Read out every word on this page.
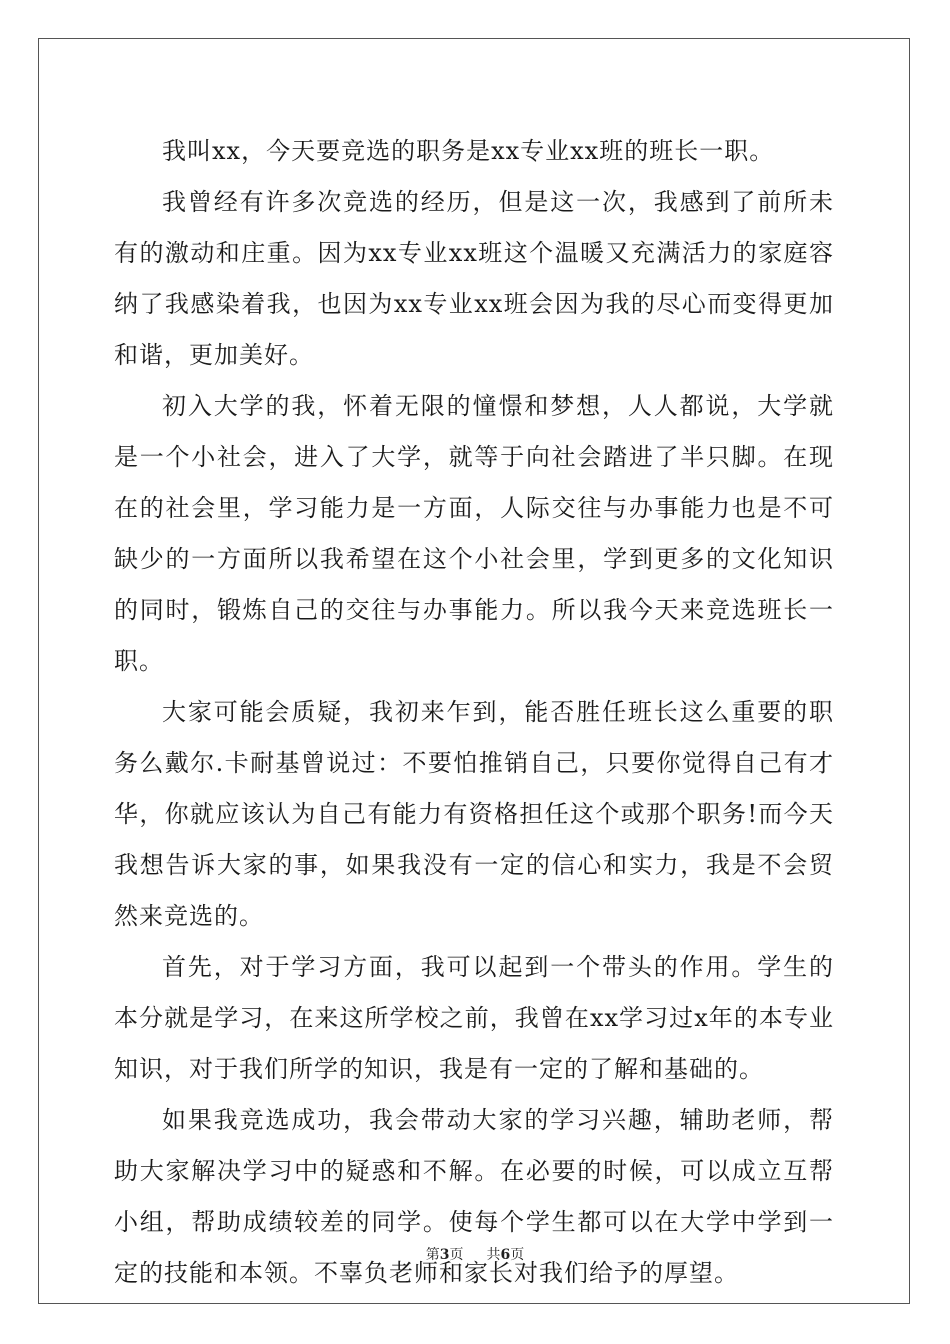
我叫xx，今天要竞选的职务是xx专业xx班的班长一职。

我曾经有许多次竞选的经历，但是这一次，我感到了前所未有的激动和庄重。因为xx专业xx班这个温暖又充满活力的家庭容纳了我感染着我，也因为xx专业xx班会因为我的尽心而变得更加和谐，更加美好。

初入大学的我，怀着无限的憧憬和梦想，人人都说，大学就是一个小社会，进入了大学，就等于向社会踏进了半只脚。在现在的社会里，学习能力是一方面，人际交往与办事能力也是不可缺少的一方面所以我希望在这个小社会里，学到更多的文化知识的同时，锻炼自己的交往与办事能力。所以我今天来竞选班长一职。

大家可能会质疑，我初来乍到，能否胜任班长这么重要的职务么戴尔.卡耐基曾说过：不要怕推销自己，只要你觉得自己有才华，你就应该认为自己有能力有资格担任这个或那个职务!而今天我想告诉大家的事，如果我没有一定的信心和实力，我是不会贸然来竞选的。

首先，对于学习方面，我可以起到一个带头的作用。学生的本分就是学习，在来这所学校之前，我曾在xx学习过x年的本专业知识，对于我们所学的知识，我是有一定的了解和基础的。

如果我竞选成功，我会带动大家的学习兴趣，辅助老师，帮助大家解决学习中的疑惑和不解。在必要的时候，可以成立互帮小组，帮助成绩较差的同学。使每个学生都可以在大学中学到一定的技能和本领。不辜负老师和家长对我们给予的厚望。

第3页 共6页
